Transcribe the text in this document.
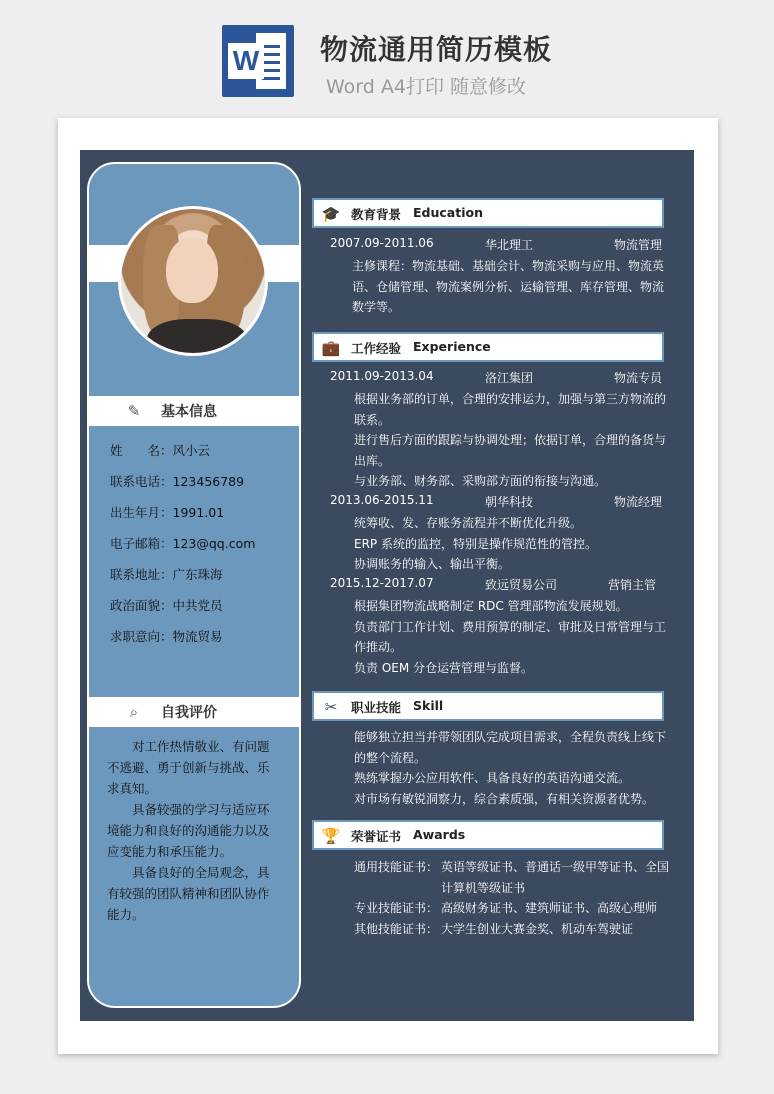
W 物流通用简历模板
Word A4打印 随意修改
✎ 基本信息
姓　　名：风小云
联系电话：123456789
出生年月：1991.01
电子邮箱：123@qq.com
联系地址：广东珠海
政治面貌：中共党员
求职意向：物流贸易
⌕	自我评价

对工作热情敬业、有问题不逃避、勇于创新与挑战、乐求真知。

具备较强的学习与适应环境能力和良好的沟通能力以及应变能力和承压能力。

具备良好的全局观念，具有较强的团队精神和团队协作能力。

🎓 教育背景 Education
2007.09-2011.06	华北理工	物流管理

主修课程：物流基础、基础会计、物流采购与应用、物流英

语、仓储管理、物流案例分析、运输管理、库存管理、物流

数学等。

💼 工作经验 Experience
2011.09-2013.04	洛江集团	物流专员

根据业务部的订单，合理的安排运力，加强与第三方物流的

联系。

进行售后方面的跟踪与协调处理；依据订单，合理的备货与

出库。

与业务部、财务部、采购部方面的衔接与沟通。

2013.06-2015.11	朝华科技	物流经理

统筹收、发、存账务流程并不断优化升级。

ERP 系统的监控，特别是操作规范性的管控。

协调账务的输入、输出平衡。

2015.12-2017.07	致远贸易公司	营销主管

根据集团物流战略制定 RDC 管理部物流发展规划。

负责部门工作计划、费用预算的制定、审批及日常管理与工

作推动。

负责 OEM 分仓运营管理与监督。

✂ 职业技能 Skill

能够独立担当并带领团队完成项目需求，全程负责线上线下

的整个流程。

熟练掌握办公应用软件、具备良好的英语沟通交流。

对市场有敏锐洞察力，综合素质强，有相关资源者优势。

🏆 荣誉证书 Awards
通用技能证书： 英语等级证书、普通话一级甲等证书、全国
计算机等级证书
专业技能证书： 高级财务证书、建筑师证书、高级心理师
其他技能证书： 大学生创业大赛金奖、机动车驾驶证
